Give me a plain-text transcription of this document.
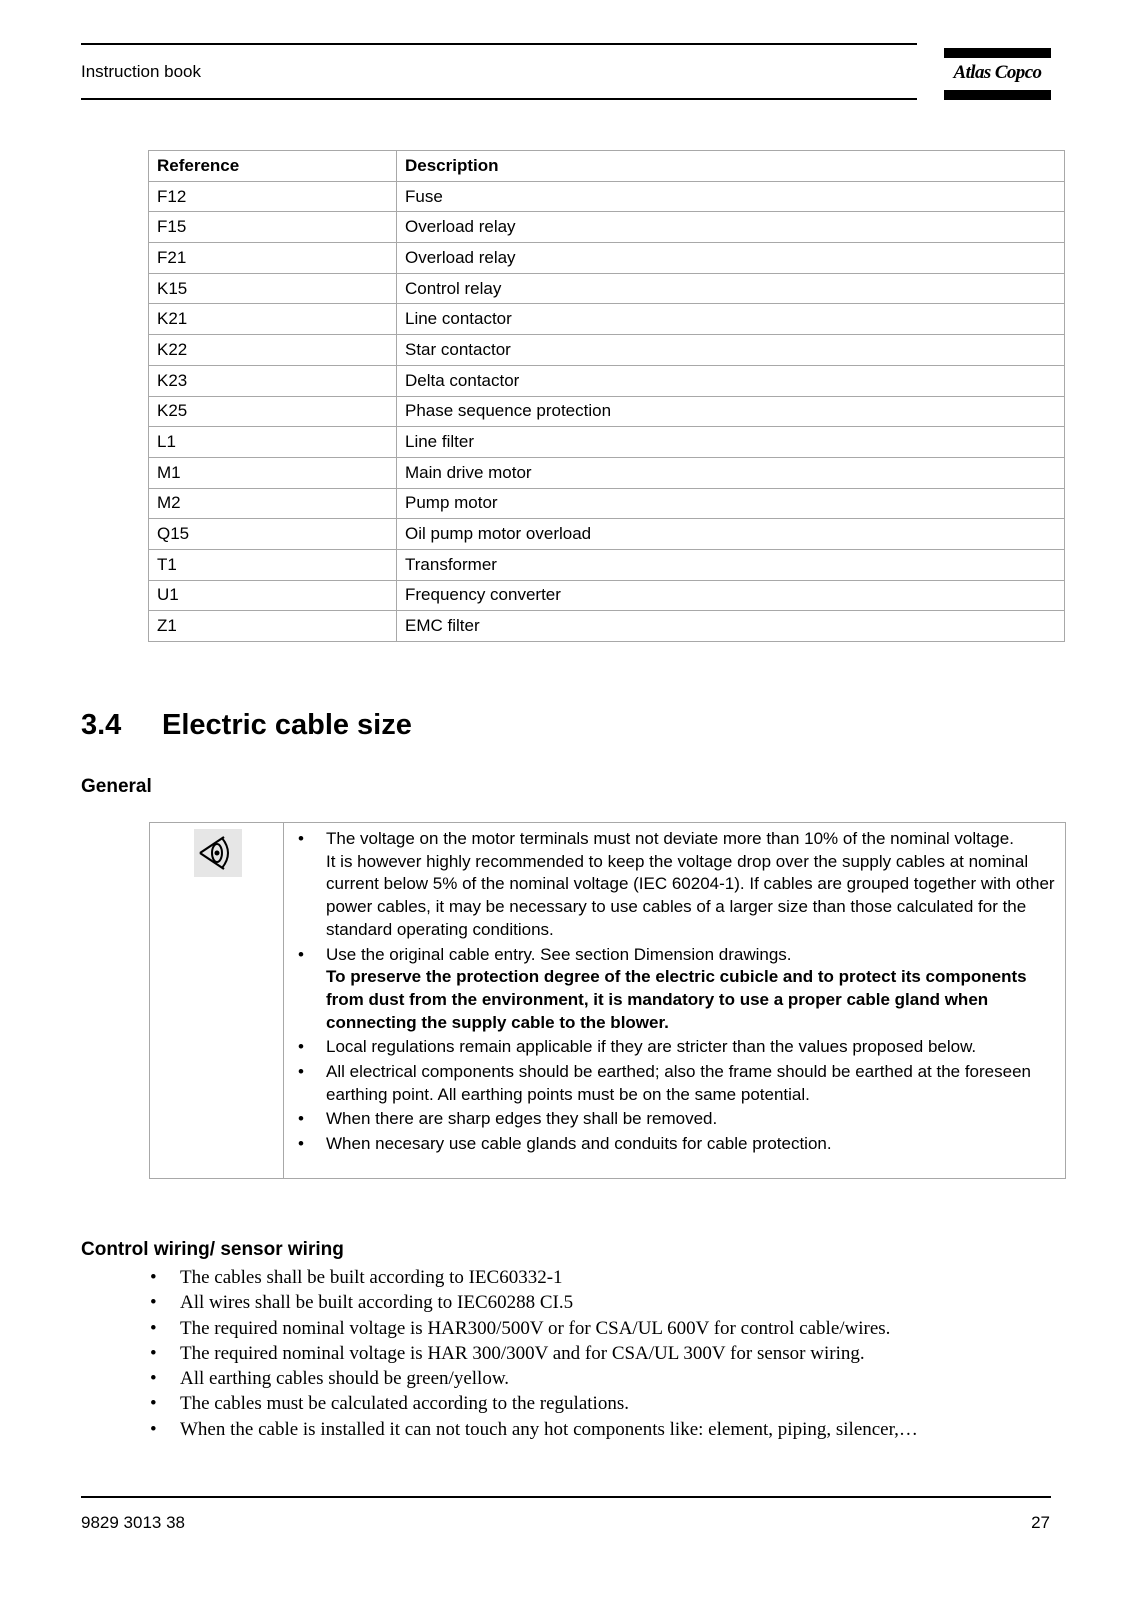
Instruction book	Atlas Copco
Reference	Description
F12	Fuse
F15	Overload relay
F21	Overload relay
K15	Control relay
K21	Line contactor
K22	Star contactor
K23	Delta contactor
K25	Phase sequence protection
L1	Line filter
M1	Main drive motor
M2	Pump motor
Q15	Oil pump motor overload
T1	Transformer
U1	Frequency converter
Z1	EMC filter
3.4 Electric cable size
General
• The voltage on the motor terminals must not deviate more than 10% of the nominal voltage.
It is however highly recommended to keep the voltage drop over the supply cables at nominal current below 5% of the nominal voltage (IEC 60204-1). If cables are grouped together with other power cables, it may be necessary to use cables of a larger size than those calculated for the standard operating conditions.
• Use the original cable entry. See section Dimension drawings.
To preserve the protection degree of the electric cubicle and to protect its components from dust from the environment, it is mandatory to use a proper cable gland when connecting the supply cable to the blower.
• Local regulations remain applicable if they are stricter than the values proposed below.
• All electrical components should be earthed; also the frame should be earthed at the foreseen earthing point. All earthing points must be on the same potential.
• When there are sharp edges they shall be removed.
• When necesary use cable glands and conduits for cable protection.
Control wiring/ sensor wiring
• The cables shall be built according to IEC60332-1
• All wires shall be built according to IEC60288 CI.5
• The required nominal voltage is HAR300/500V or for CSA/UL 600V for control cable/wires.
• The required nominal voltage is HAR 300/300V and for CSA/UL 300V for sensor wiring.
• All earthing cables should be green/yellow.
• The cables must be calculated according to the regulations.
• When the cable is installed it can not touch any hot components like: element, piping, silencer,…
9829 3013 38	27
